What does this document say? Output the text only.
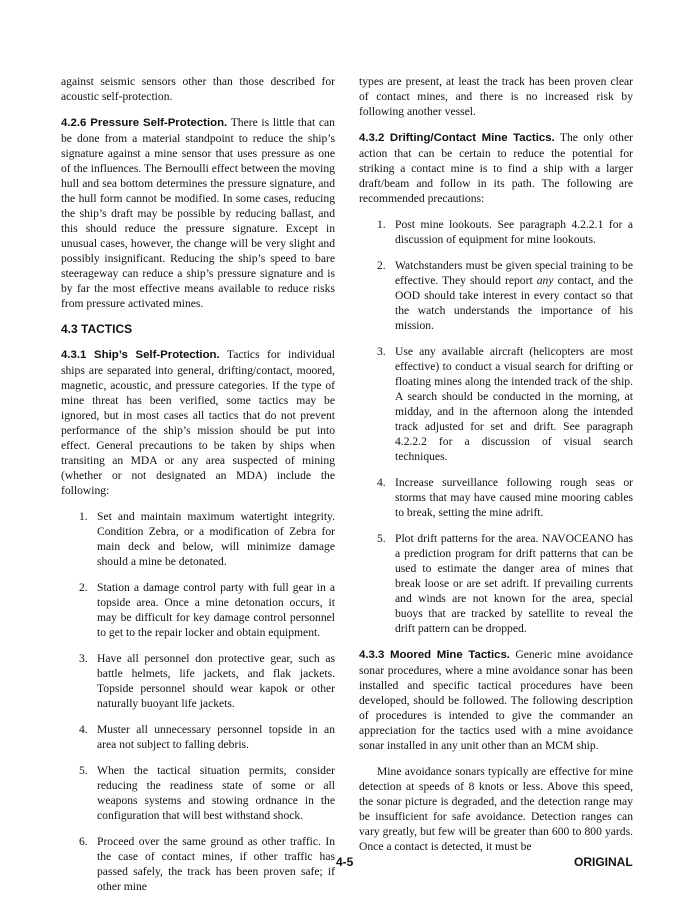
against seismic sensors other than those described for acoustic self-protection.

4.2.6 Pressure Self-Protection. There is little that can be done from a material standpoint to reduce the ship’s signature against a mine sensor that uses pressure as one of the influences. The Bernoulli effect between the moving hull and sea bottom determines the pressure signature, and the hull form cannot be modified. In some cases, reducing the ship’s draft may be possible by reducing ballast, and this should reduce the pressure signature. Except in unusual cases, however, the change will be very slight and possibly insignificant. Reducing the ship’s speed to bare steerageway can reduce a ship’s pressure signature and is by far the most effective means available to reduce risks from pressure activated mines.

4.3 TACTICS

4.3.1 Ship’s Self-Protection. Tactics for individual ships are separated into general, drifting/contact, moored, magnetic, acoustic, and pressure categories. If the type of mine threat has been verified, some tactics may be ignored, but in most cases all tactics that do not prevent performance of the ship’s mission should be put into effect. General precautions to be taken by ships when transiting an MDA or any area suspected of mining (whether or not designated an MDA) include the following:

1. Set and maintain maximum watertight integrity. Condition Zebra, or a modification of Zebra for main deck and below, will minimize damage should a mine be detonated.
2. Station a damage control party with full gear in a topside area. Once a mine detonation occurs, it may be difficult for key damage control personnel to get to the repair locker and obtain equipment.
3. Have all personnel don protective gear, such as battle helmets, life jackets, and flak jackets. Topside personnel should wear kapok or other naturally buoyant life jackets.
4. Muster all unnecessary personnel topside in an area not subject to falling debris.
5. When the tactical situation permits, consider reducing the readiness state of some or all weapons systems and stowing ordnance in the configuration that will best withstand shock.
6. Proceed over the same ground as other traffic. In the case of contact mines, if other traffic has passed safely, the track has been proven safe; if other mine

types are present, at least the track has been proven clear of contact mines, and there is no increased risk by following another vessel.

4.3.2 Drifting/Contact Mine Tactics. The only other action that can be certain to reduce the potential for striking a contact mine is to find a ship with a larger draft/beam and follow in its path. The following are recommended precautions:

1. Post mine lookouts. See paragraph 4.2.2.1 for a discussion of equipment for mine lookouts.
2. Watchstanders must be given special training to be effective. They should report any contact, and the OOD should take interest in every contact so that the watch understands the importance of his mission.
3. Use any available aircraft (helicopters are most effective) to conduct a visual search for drifting or floating mines along the intended track of the ship. A search should be conducted in the morning, at midday, and in the afternoon along the intended track adjusted for set and drift. See paragraph 4.2.2.2 for a discussion of visual search techniques.
4. Increase surveillance following rough seas or storms that may have caused mine mooring cables to break, setting the mine adrift.
5. Plot drift patterns for the area. NAVOCEANO has a prediction program for drift patterns that can be used to estimate the danger area of mines that break loose or are set adrift. If prevailing currents and winds are not known for the area, special buoys that are tracked by satellite to reveal the drift pattern can be dropped.

4.3.3 Moored Mine Tactics. Generic mine avoidance sonar procedures, where a mine avoidance sonar has been installed and specific tactical procedures have been developed, should be followed. The following description of procedures is intended to give the commander an appreciation for the tactics used with a mine avoidance sonar installed in any unit other than an MCM ship.

Mine avoidance sonars typically are effective for mine detection at speeds of 8 knots or less. Above this speed, the sonar picture is degraded, and the detection range may be insufficient for safe avoidance. Detection ranges can vary greatly, but few will be greater than 600 to 800 yards. Once a contact is detected, it must be

4-5	ORIGINAL
